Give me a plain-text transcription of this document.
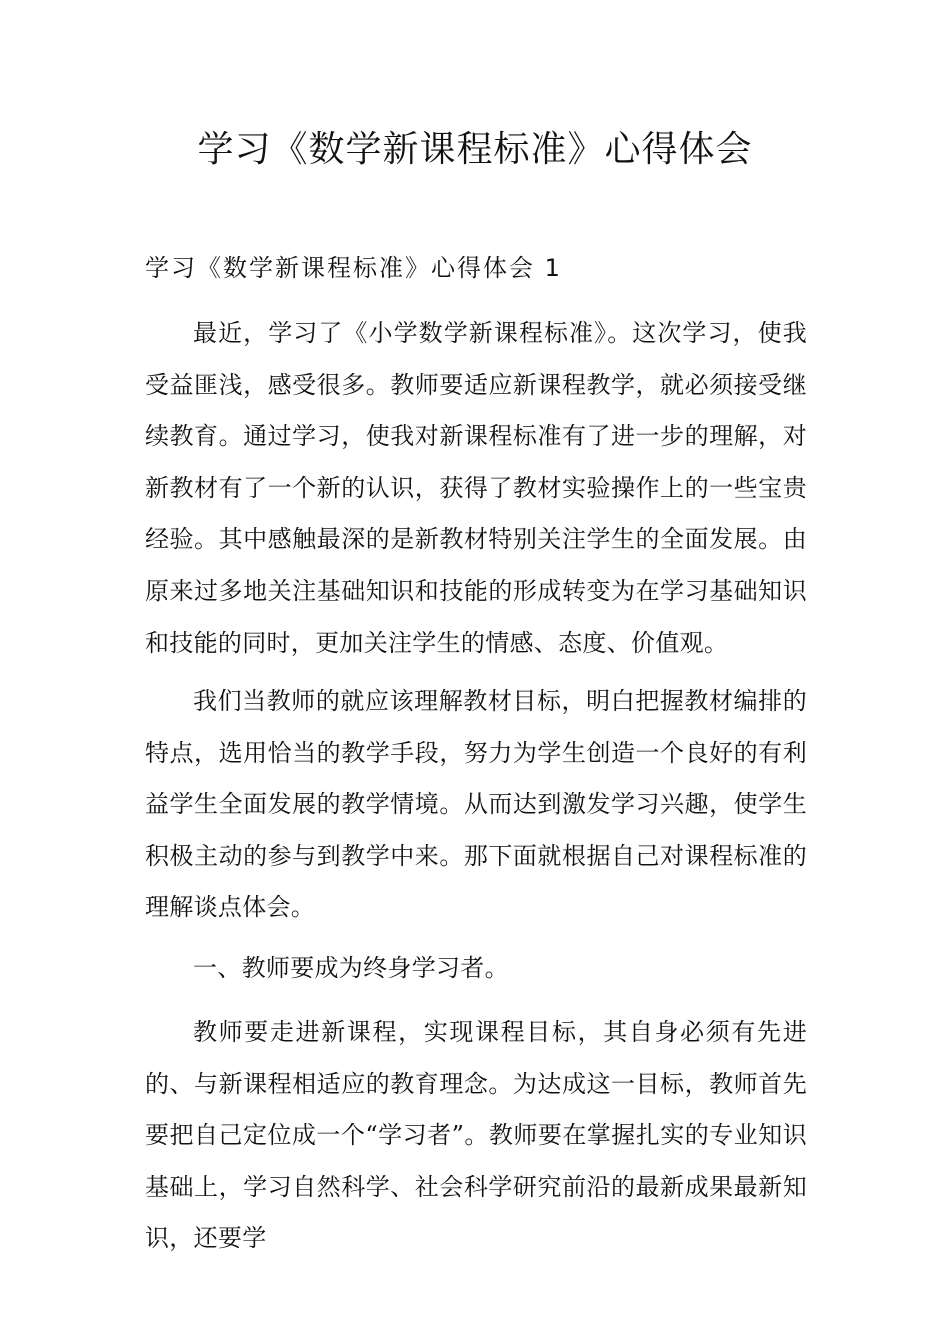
学习《数学新课程标准》心得体会
学习《数学新课程标准》心得体会 1

最近，学习了《小学数学新课程标准》。这次学习，使我受益匪浅，感受很多。教师要适应新课程教学，就必须接受继续教育。通过学习，使我对新课程标准有了进一步的理解，对新教材有了一个新的认识，获得了教材实验操作上的一些宝贵经验。其中感触最深的是新教材特别关注学生的全面发展。由原来过多地关注基础知识和技能的形成转变为在学习基础知识和技能的同时，更加关注学生的情感、态度、价值观。

我们当教师的就应该理解教材目标，明白把握教材编排的特点，选用恰当的教学手段，努力为学生创造一个良好的有利益学生全面发展的教学情境。从而达到激发学习兴趣，使学生积极主动的参与到教学中来。那下面就根据自己对课程标准的理解谈点体会。

一、教师要成为终身学习者。

教师要走进新课程，实现课程目标，其自身必须有先进的、与新课程相适应的教育理念。为达成这一目标，教师首先要把自己定位成一个“学习者”。教师要在掌握扎实的专业知识基础上，学习自然科学、社会科学研究前沿的最新成果最新知识，还要学
